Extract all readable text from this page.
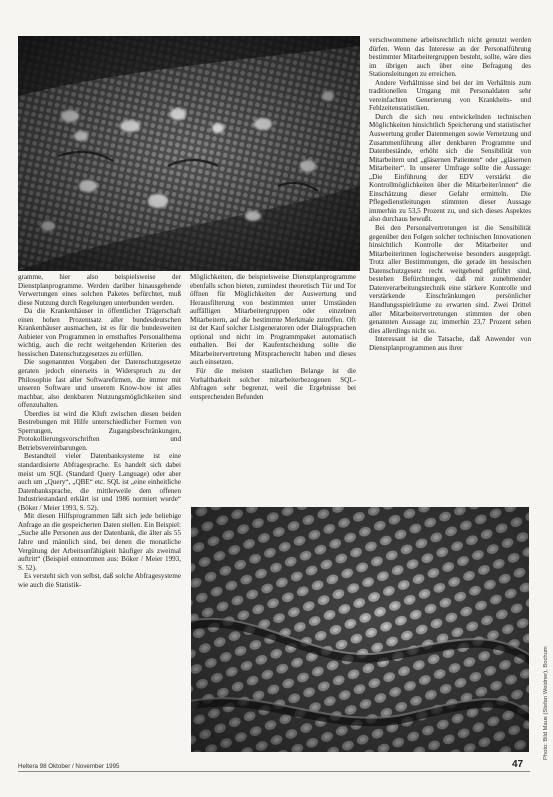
verschwommene arbeitsrechtlich nicht genutzt werden dürfen. Wenn das Interesse an der Personalführung bestimmter Mitarbeitergruppen besteht, sollte, wäre dies im übrigen auch über eine Befragung des Stationsleitungen zu erreichen.

Andere Verhältnisse sind bei der im Verhältnis zum traditionellen Umgang mit Personaldaten sehr vereinfachten Generierung von Krankheits- und Fehlzeitenstatistiken.

Durch die sich neu entwickelnden technischen Möglichkeiten hinsichtlich Speicherung und statistischer Auswertung großer Datenmengen sowie Vernetzung und Zusammenführung aller denkbaren Programme und Datenbestände, erhöht sich die Sensibilität von Mitarbeitern und „gläsernen Patienten“ oder „gläsernen Mitarbeiter“. In unserer Umfrage sollte die Aussage: „Die Einführung der EDV verstärkt die Kontrollmöglichkeiten über die Mitarbeiter/innen“ die Einschätzung dieser Gefahr ermitteln. Die Pflegedienstleitungen stimmten dieser Aussage immerhin zu 53,5 Prozent zu, und sich dieses Aspektes also durchaus bewußt.

Bei den Personalvertretungen ist die Sensibilität gegenüber den Folgen solcher technischen Innovationen hinsichtlich Kontrolle der Mitarbeiter und Mitarbeiterinnen logischerweise besonders ausgeprägt. Trotz aller Bestimmungen, die gerade im hessischen Datenschutzgesetz recht weitgehend geführt sind, bestehen Befürchtungen, daß mit zunehmender Datenverarbeitungstechnik eine stärkere Kontrolle und verstärkende Einschränkungen persönlicher Handlungsspielräume zu erwarten sind. Zwei Drittel aller Mitarbeitervertretungen stimmten der oben genannten Aussage zu; immerhin 23,7 Prozent sehen dies allerdings nicht so.

Interessant ist die Tatsache, daß Anwender von Dienstplanprogrammen aus ihrer

gramme, hier also beispielsweise der Dienstplanprogramme. Werden darüber hinausgehende Verwertungen eines solchen Paketes befürchtet, muß diese Nutzung durch Regelungen unterbunden werden.

Da die Krankenhäuser in öffentlicher Trägerschaft einen hohen Prozentsatz aller bundesdeutschen Krankenhäuser ausmachen, ist es für die bundesweiten Anbieter von Programmen in ernsthaftes Personalthema wichtig, auch die recht weitgehenden Kriterien des hessischen Datenschutzgesetzes zu erfüllen.

Die sogenannten Vorgaben der Datenschutzgesetze geraten jedoch einerseits in Widerspruch zu der Philosophie fast aller Softwarefirmen, die immer mit unseren Software und unserem Know-how ist alles machbar, also denkbaren Nutzungsmöglichkeiten sind offenzuhalten.

Überdies ist wird die Kluft zwischen diesen beiden Bestrebungen mit Hilfe unterschiedlicher Formen von Sperrungen, Zugangsbeschränkungen, Protokollierungsvorschriften und Betriebsvereinbarungen.

Bestandteil vieler Datenbanksysteme ist eine standardisierte Abfragesprache. Es handelt sich dabei meist um SQL (Standard Query Language) oder aber auch um „Query“, „QBE“ etc. SQL ist „eine einheitliche Datenbanksprache, die mittlerweile dem offenen Industriestandard erklärt ist und 1986 normiert wurde“ (Böker / Meier 1993, S. 52).

Mit diesen Hilfsprogrammen läßt sich jede beliebige Anfrage an die gespeicherten Daten stellen. Ein Beispiel: „Suche alle Personen aus der Datenbank, die älter als 55 Jahre und männlich sind, bei denen die monatliche Vergütung der Arbeitsunfähigkeit häufiger als zweimal auftritt“ (Beispiel entnommen aus: Böker / Meier 1993, S. 52).

Es versteht sich von selbst, daß solche Abfragesysteme wie auch die Statistik-

Möglichkeiten, die beispielsweise Dienstplanprogramme ebenfalls schon bieten, zumindest theoretisch Tür und Tor öffnen für Möglichkeiten der Auswertung und Herausfilterung von bestimmten unter Umständen auffälligen Mitarbeitergruppen oder einzelnen Mitarbeitern, auf die bestimmte Merkmale zutreffen. Oft ist der Kauf solcher Listgeneratoren oder Dialogsprachen optional und nicht im Programmpaket automatisch enthalten. Bei der Kaufentscheidung sollte die Mitarbeitervertretung Mitspracherecht haben und dieses auch einsetzen.

Für die meisten staatlichen Belange ist die Vorhaltbarkeit solcher mitarbeiterbezogenen SQL-Abfragen sehr begrenzt, weil die Ergebnisse bei entsprechenden Befunden

Photo: Bild Maus (Stefan Weidner), Bochum
Heltera 98 Oktober / November 1995	47
